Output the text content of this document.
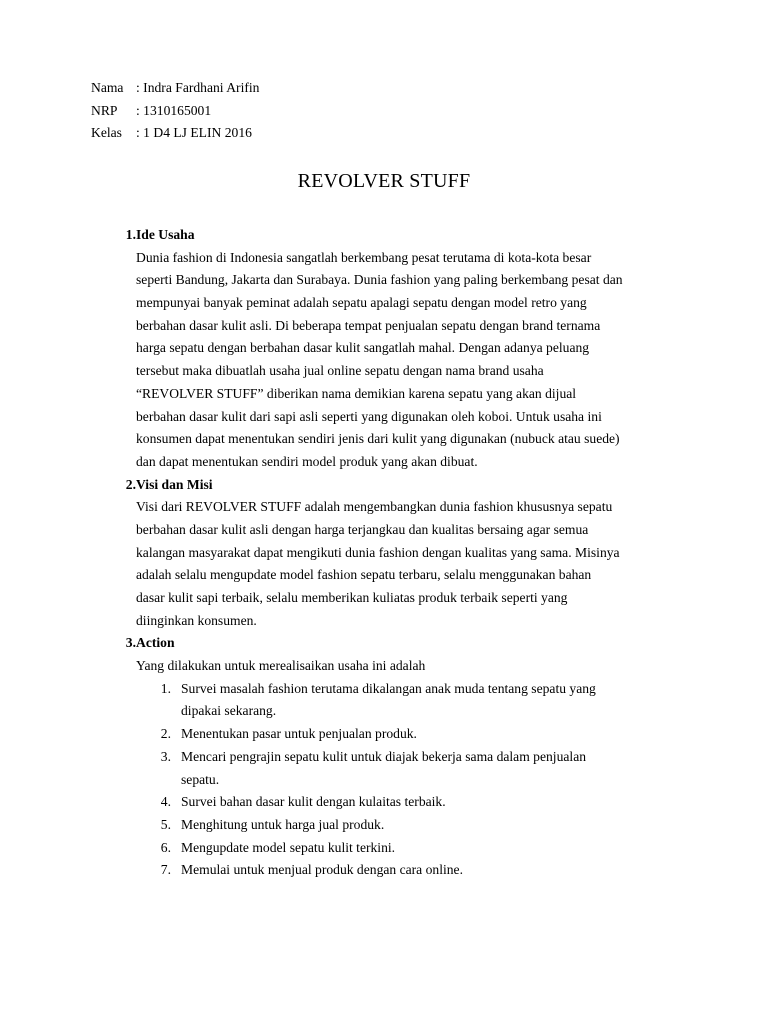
Nama : Indra Fardhani Arifin
NRP	: 1310165001
Kelas	: 1 D4 LJ ELIN 2016
REVOLVER STUFF
1. Ide Usaha
Dunia fashion di Indonesia sangatlah berkembang pesat terutama di kota-kota besar
seperti Bandung, Jakarta dan Surabaya. Dunia fashion yang paling berkembang pesat dan
mempunyai banyak peminat adalah sepatu apalagi sepatu dengan model retro yang
berbahan dasar kulit asli. Di beberapa tempat penjualan sepatu dengan brand ternama
harga sepatu dengan berbahan dasar kulit sangatlah mahal. Dengan adanya peluang
tersebut maka dibuatlah usaha jual online sepatu dengan nama brand usaha
“REVOLVER STUFF” diberikan nama demikian karena sepatu yang akan dijual
berbahan dasar kulit dari sapi asli seperti yang digunakan oleh koboi. Untuk usaha ini
konsumen dapat menentukan sendiri jenis dari kulit yang digunakan (nubuck atau suede)
dan dapat menentukan sendiri model produk yang akan dibuat.
2. Visi dan Misi
Visi dari REVOLVER STUFF adalah mengembangkan dunia fashion khususnya sepatu
berbahan dasar kulit asli dengan harga terjangkau dan kualitas bersaing agar semua
kalangan masyarakat dapat mengikuti dunia fashion dengan kualitas yang sama. Misinya
adalah selalu mengupdate model fashion sepatu terbaru, selalu menggunakan bahan
dasar kulit sapi terbaik, selalu memberikan kuliatas produk terbaik seperti yang
diinginkan konsumen.
3. Action
Yang dilakukan untuk merealisaikan usaha ini adalah
1. Survei masalah fashion terutama dikalangan anak muda tentang sepatu yang
dipakai sekarang.
2. Menentukan pasar untuk penjualan produk.
3. Mencari pengrajin sepatu kulit untuk diajak bekerja sama dalam penjualan
sepatu.
4. Survei bahan dasar kulit dengan kulaitas terbaik.
5. Menghitung untuk harga jual produk.
6. Mengupdate model sepatu kulit terkini.
7. Memulai untuk menjual produk dengan cara online.
